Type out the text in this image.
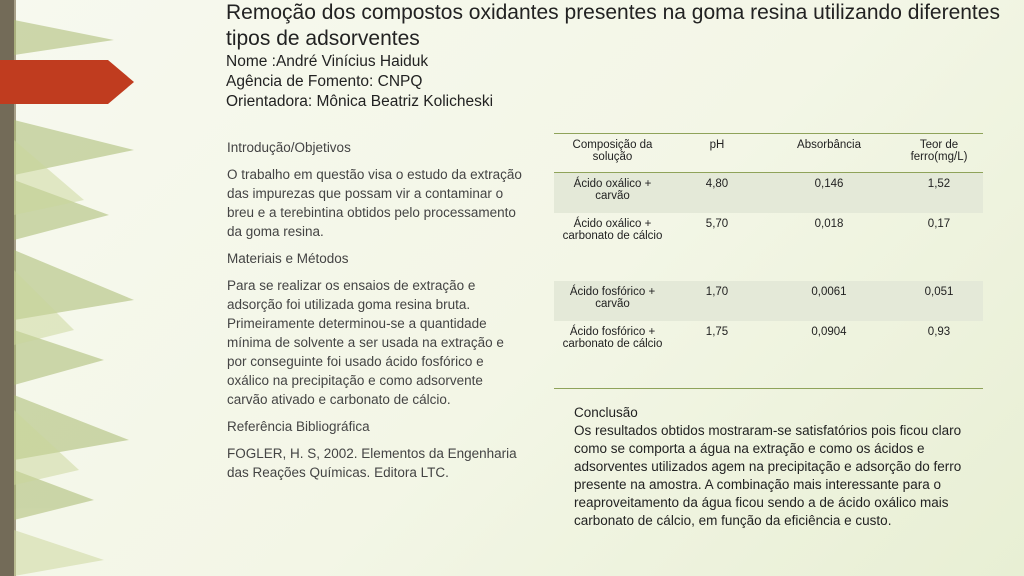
Remoção dos compostos oxidantes presentes na goma resina utilizando diferentes tipos de adsorventes

Nome :André Vinícius Haiduk

Agência de Fomento: CNPQ

Orientadora: Mônica Beatriz Kolicheski

Introdução/Objetivos

O trabalho em questão visa o estudo da extração das impurezas que possam vir a contaminar o breu e a terebintina obtidos pelo processamento da goma resina.

Materiais e Métodos

Para se realizar os ensaios de extração e adsorção foi utilizada goma resina bruta. Primeiramente determinou-se a quantidade mínima de solvente a ser usada na extração e por conseguinte foi usado ácido fosfórico e oxálico na precipitação e como adsorvente carvão ativado e carbonato de cálcio.

Referência Bibliográfica

FOGLER, H. S, 2002. Elementos da Engenharia das Reações Químicas. Editora LTC.

Composição da solução	pH	Absorbância	Teor de ferro(mg/L)
Ácido oxálico + carvão	4,80	0,146	1,52
Ácido oxálico + carbonato de cálcio	5,70	0,018	0,17
Ácido fosfórico + carvão	1,70	0,0061	0,051
Ácido fosfórico + carbonato de cálcio	1,75	0,0904	0,93

Conclusão

Os resultados obtidos mostraram-se satisfatórios pois ficou claro como se comporta a água na extração e como os ácidos e adsorventes utilizados agem na precipitação e adsorção do ferro presente na amostra. A combinação mais interessante para o reaproveitamento da água ficou sendo a de ácido oxálico mais carbonato de cálcio, em função da eficiência e custo.
